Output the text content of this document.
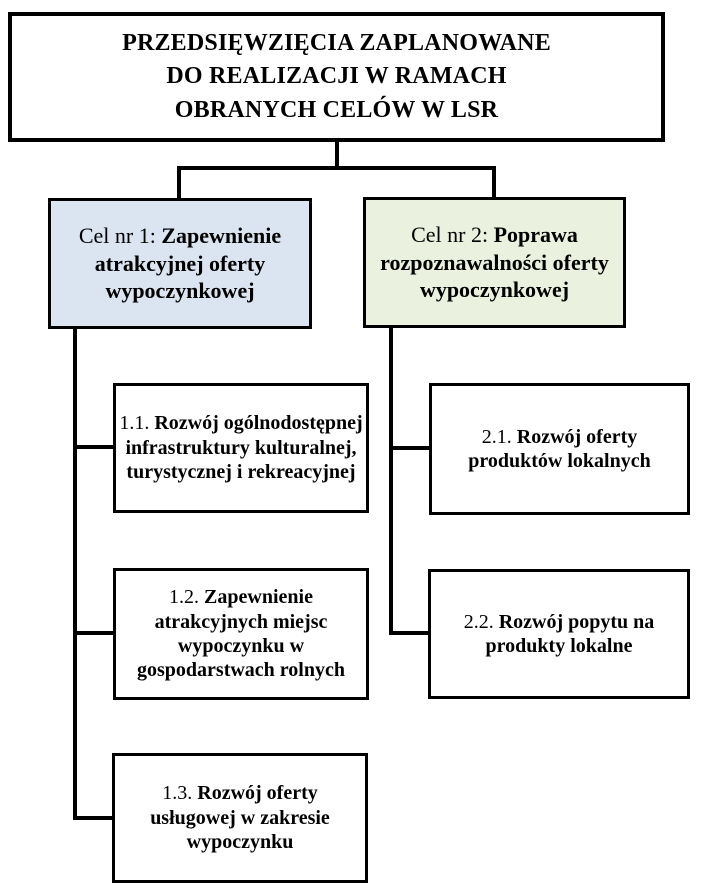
PRZEDSIĘWZIĘCIA ZAPLANOWANE
DO REALIZACJI W RAMACH
OBRANYCH CELÓW W LSR
Cel nr 1: Zapewnienie atrakcyjnej oferty wypoczynkowej
Cel nr 2: Poprawa rozpoznawalności oferty wypoczynkowej
1.1. Rozwój ogólnodostępnej infrastruktury kulturalnej, turystycznej i rekreacyjnej
1.2. Zapewnienie atrakcyjnych miejsc wypoczynku w gospodarstwach rolnych
1.3. Rozwój oferty usługowej w zakresie wypoczynku
2.1. Rozwój oferty produktów lokalnych
2.2. Rozwój popytu na produkty lokalne
